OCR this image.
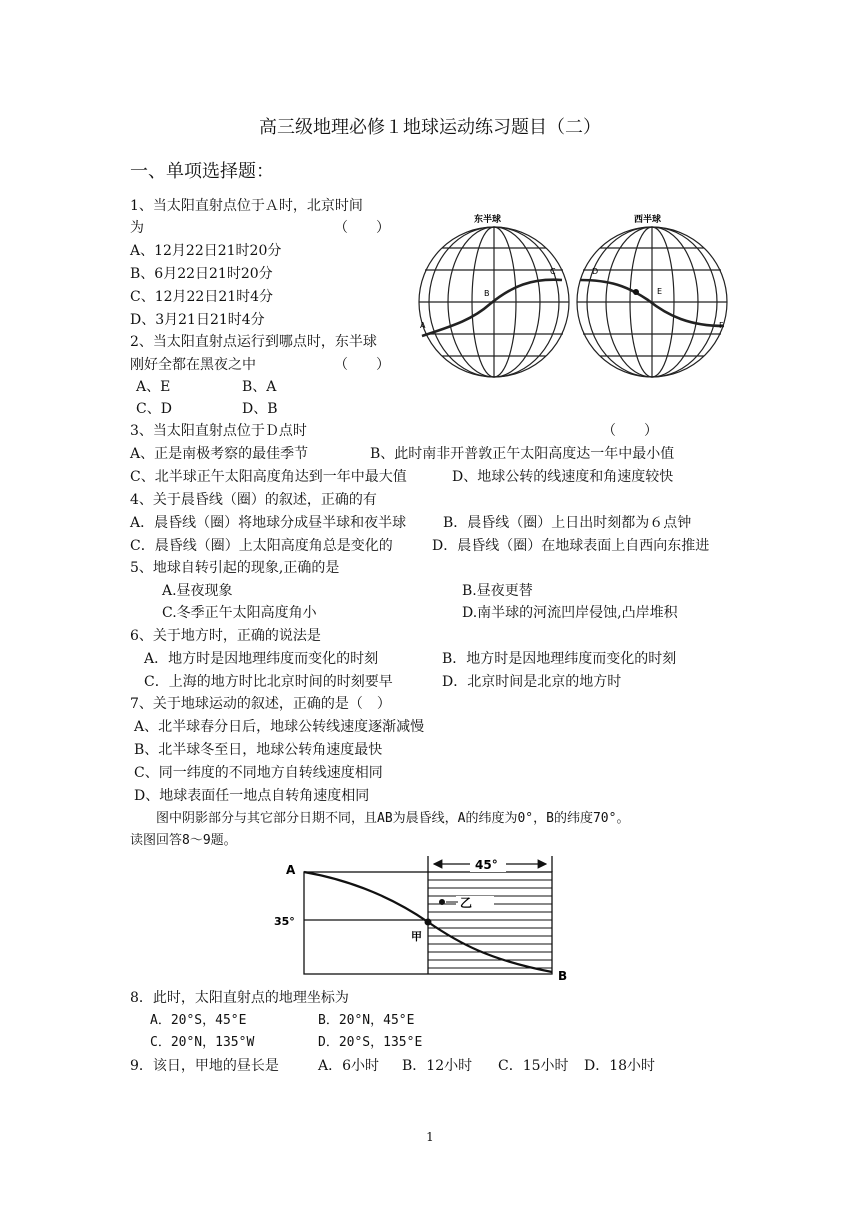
高三级地理必修１地球运动练习题目（二）
一、单项选择题：
1、当太阳直射点位于Ａ时，北京时间
为	（　　）
A、12月22日21时20分
B、6月22日21时20分
C、12月22日21时4分
D、3月21日21时4分
2、当太阳直射点运行到哪点时，东半球
刚好全都在黑夜之中	（　　）
A、E	B、A
C、D	D、B
东半球
A
B
C
西半球
D
E
F
3、当太阳直射点位于Ｄ点时	（　　）
A、正是南极考察的最佳季节	B、此时南非开普敦正午太阳高度达一年中最小值
C、北半球正午太阳高度角达到一年中最大值	D、地球公转的线速度和角速度较快
4、关于晨昏线（圈）的叙述，正确的有
A．晨昏线（圈）将地球分成昼半球和夜半球	B．晨昏线（圈）上日出时刻都为６点钟
C．晨昏线（圈）上太阳高度角总是变化的	D．晨昏线（圈）在地球表面上自西向东推进
5、地球自转引起的现象,正确的是
A.昼夜现象	B.昼夜更替
C.冬季正午太阳高度角小	D.南半球的河流凹岸侵蚀,凸岸堆积
6、关于地方时，正确的说法是
A．地方时是因地理纬度而变化的时刻	B．地方时是因地理纬度而变化的时刻
C．上海的地方时比北京时间的时刻要早	D．北京时间是北京的地方时
7、关于地球运动的叙述，正确的是（　）
A、北半球春分日后，地球公转线速度逐渐减慢
B、北半球冬至日，地球公转角速度最快
C、同一纬度的不同地方自转线速度相同
D、地球表面任一地点自转角速度相同
图中阴影部分与其它部分日期不同，且AB为晨昏线，A的纬度为0°，B的纬度70°。
读图回答8～9题。
A
B
35°
45°
甲
乙
8．此时，太阳直射点的地理坐标为
A．20°S，45°E	B．20°N，45°E
C．20°N，135°W	D．20°S，135°E
9．该日，甲地的昼长是	A．6小时 B．12小时 C．15小时 D．18小时
1
